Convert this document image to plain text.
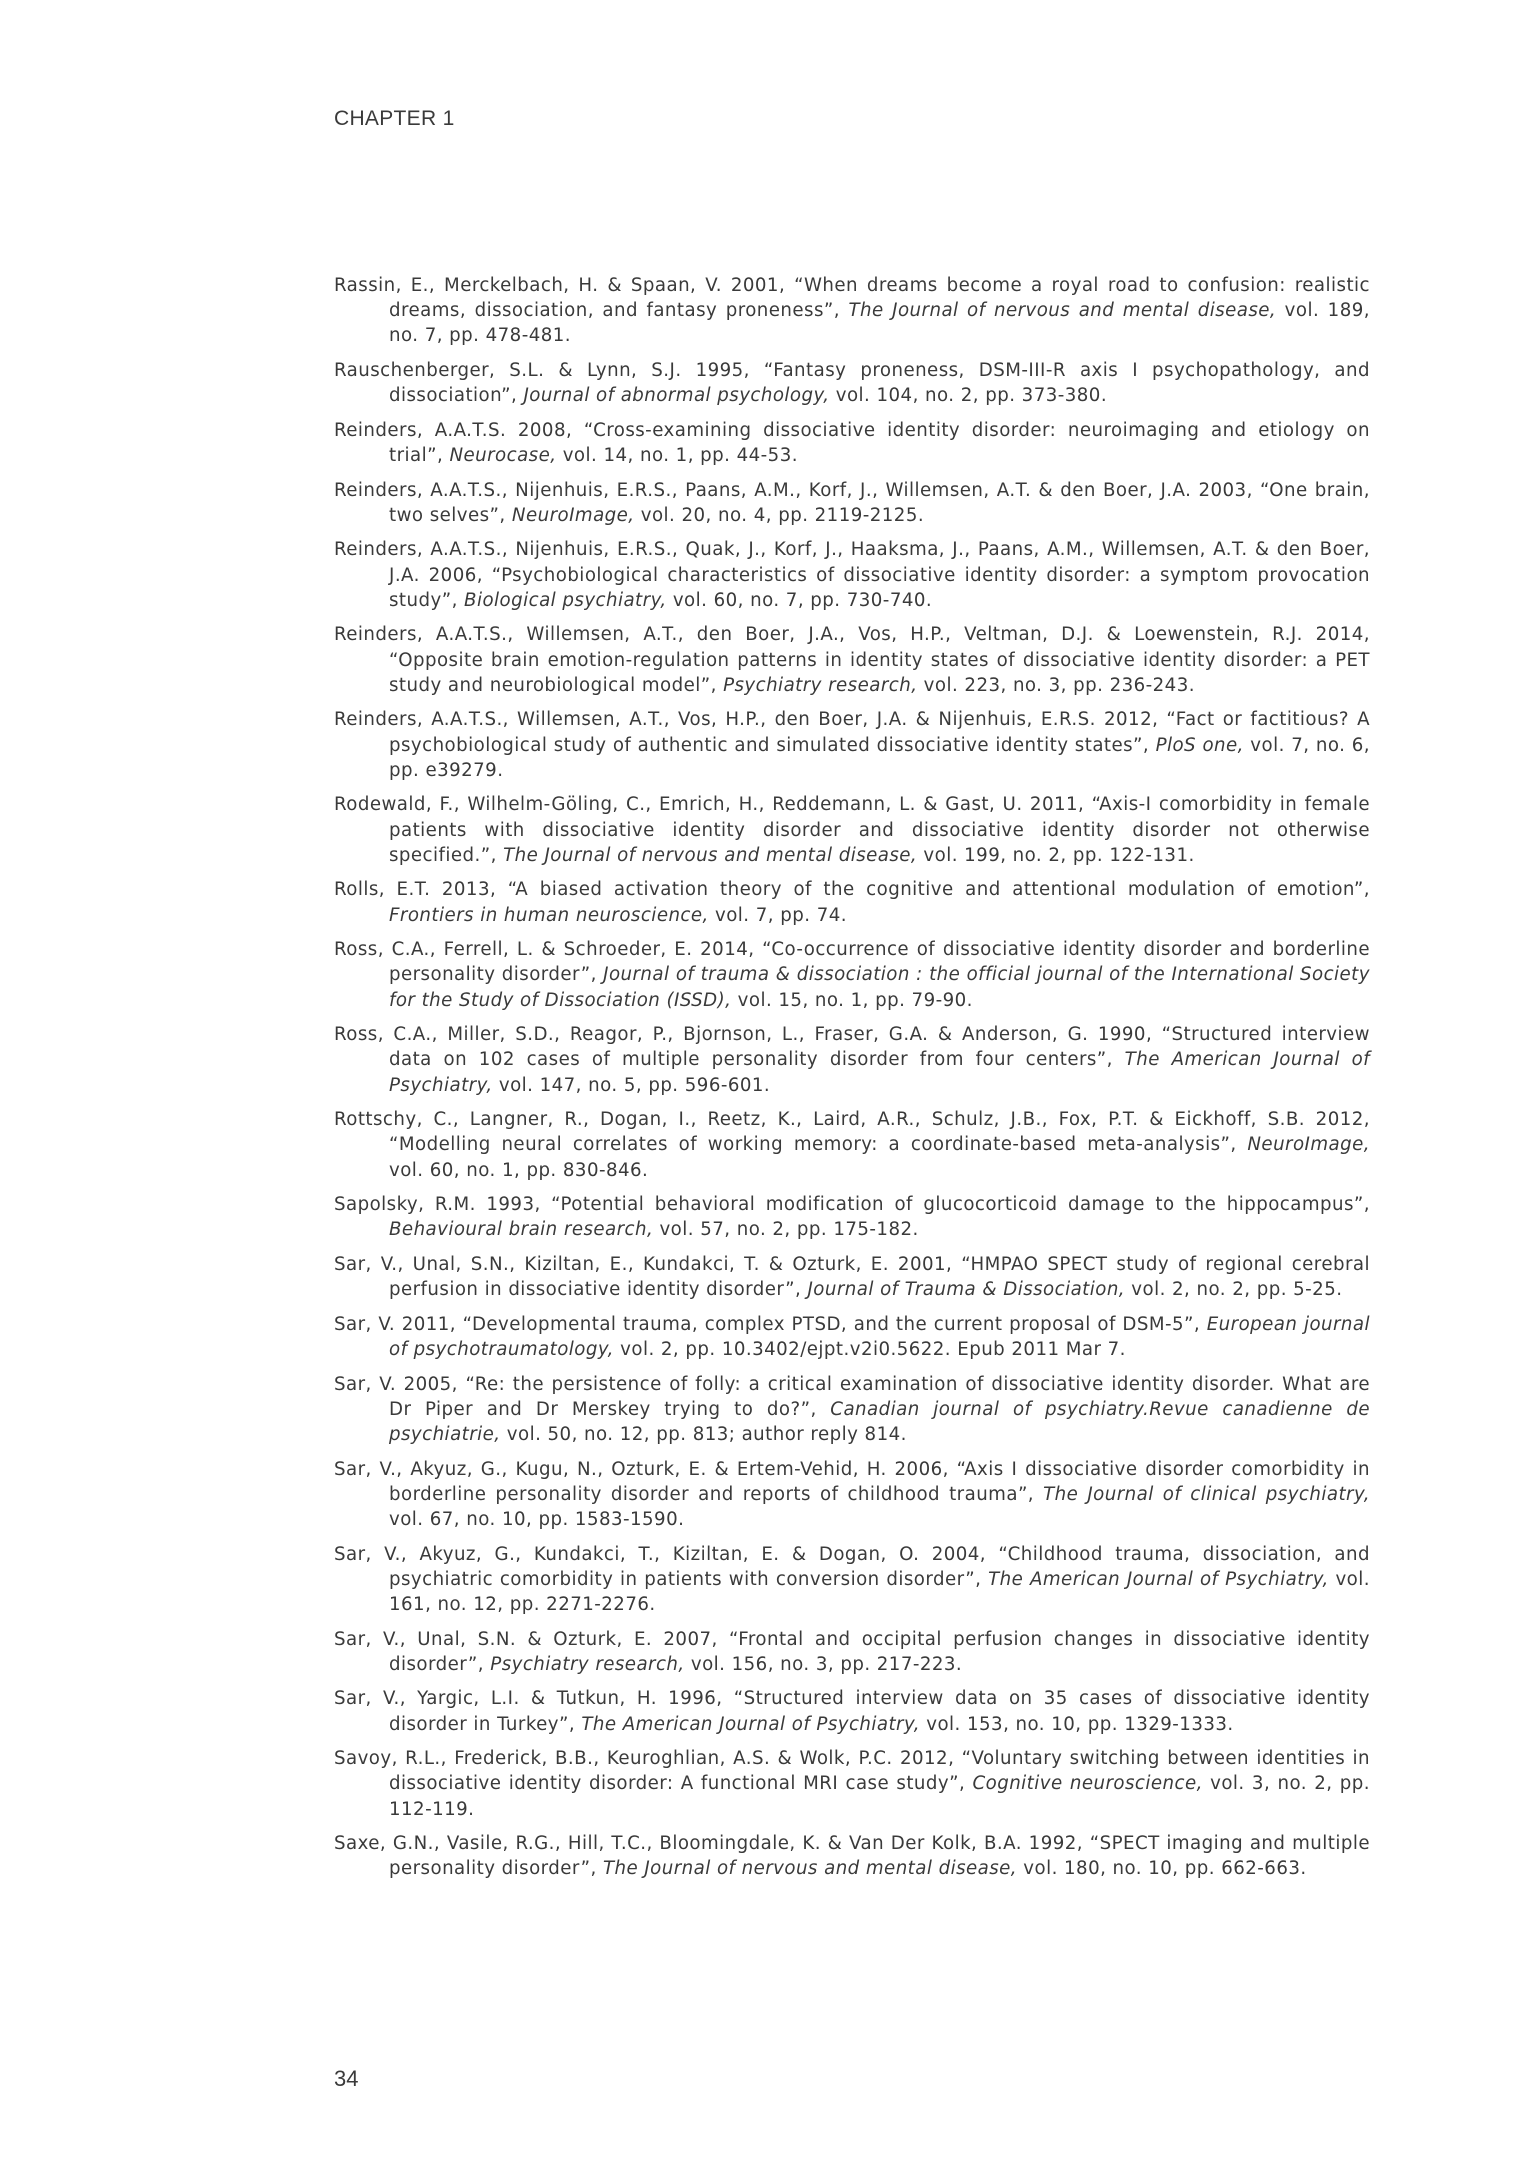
CHAPTER 1

Rassin, E., Merckelbach, H. & Spaan, V. 2001, “When dreams become a royal road to confusion: realistic dreams, dissociation, and fantasy proneness”, The Journal of nervous and mental disease, vol. 189, no. 7, pp. 478-481.

Rauschenberger, S.L. & Lynn, S.J. 1995, “Fantasy proneness, DSM-III-R axis I psychopathology, and dissociation”, Journal of abnormal psychology, vol. 104, no. 2, pp. 373-380.

Reinders, A.A.T.S. 2008, “Cross-examining dissociative identity disorder: neuroimaging and etiology on trial”, Neurocase, vol. 14, no. 1, pp. 44-53.

Reinders, A.A.T.S., Nijenhuis, E.R.S., Paans, A.M., Korf, J., Willemsen, A.T. & den Boer, J.A. 2003, “One brain, two selves”, NeuroImage, vol. 20, no. 4, pp. 2119-2125.

Reinders, A.A.T.S., Nijenhuis, E.R.S., Quak, J., Korf, J., Haaksma, J., Paans, A.M., Willemsen, A.T. & den Boer, J.A. 2006, “Psychobiological characteristics of dissociative identity disorder: a symptom provocation study”, Biological psychiatry, vol. 60, no. 7, pp. 730-740.

Reinders, A.A.T.S., Willemsen, A.T., den Boer, J.A., Vos, H.P., Veltman, D.J. & Loewenstein, R.J. 2014, “Opposite brain emotion-regulation patterns in identity states of dissociative identity disorder: a PET study and neurobiological model”, Psychiatry research, vol. 223, no. 3, pp. 236-243.

Reinders, A.A.T.S., Willemsen, A.T., Vos, H.P., den Boer, J.A. & Nijenhuis, E.R.S. 2012, “Fact or factitious? A psychobiological study of authentic and simulated dissociative identity states”, PloS one, vol. 7, no. 6, pp. e39279.

Rodewald, F., Wilhelm-Göling, C., Emrich, H., Reddemann, L. & Gast, U. 2011, “Axis-I comorbidity in female patients with dissociative identity disorder and dissociative identity disorder not otherwise specified.”, The Journal of nervous and mental disease, vol. 199, no. 2, pp. 122-131.

Rolls, E.T. 2013, “A biased activation theory of the cognitive and attentional modulation of emotion”, Frontiers in human neuroscience, vol. 7, pp. 74.

Ross, C.A., Ferrell, L. & Schroeder, E. 2014, “Co-occurrence of dissociative identity disorder and borderline personality disorder”, Journal of trauma & dissociation : the official journal of the International Society for the Study of Dissociation (ISSD), vol. 15, no. 1, pp. 79-90.

Ross, C.A., Miller, S.D., Reagor, P., Bjornson, L., Fraser, G.A. & Anderson, G. 1990, “Structured interview data on 102 cases of multiple personality disorder from four centers”, The American Journal of Psychiatry, vol. 147, no. 5, pp. 596-601.

Rottschy, C., Langner, R., Dogan, I., Reetz, K., Laird, A.R., Schulz, J.B., Fox, P.T. & Eickhoff, S.B. 2012, “Modelling neural correlates of working memory: a coordinate-based meta-analysis”, NeuroImage, vol. 60, no. 1, pp. 830-846.

Sapolsky, R.M. 1993, “Potential behavioral modification of glucocorticoid damage to the hippocampus”, Behavioural brain research, vol. 57, no. 2, pp. 175-182.

Sar, V., Unal, S.N., Kiziltan, E., Kundakci, T. & Ozturk, E. 2001, “HMPAO SPECT study of regional cerebral perfusion in dissociative identity disorder”, Journal of Trauma & Dissociation, vol. 2, no. 2, pp. 5-25.

Sar, V. 2011, “Developmental trauma, complex PTSD, and the current proposal of DSM-5”, European journal of psychotraumatology, vol. 2, pp. 10.3402/ejpt.v2i0.5622. Epub 2011 Mar 7.

Sar, V. 2005, “Re: the persistence of folly: a critical examination of dissociative identity disorder. What are Dr Piper and Dr Merskey trying to do?”, Canadian journal of psychiatry.Revue canadienne de psychiatrie, vol. 50, no. 12, pp. 813; author reply 814.

Sar, V., Akyuz, G., Kugu, N., Ozturk, E. & Ertem-Vehid, H. 2006, “Axis I dissociative disorder comorbidity in borderline personality disorder and reports of childhood trauma”, The Journal of clinical psychiatry, vol. 67, no. 10, pp. 1583-1590.

Sar, V., Akyuz, G., Kundakci, T., Kiziltan, E. & Dogan, O. 2004, “Childhood trauma, dissociation, and psychiatric comorbidity in patients with conversion disorder”, The American Journal of Psychiatry, vol. 161, no. 12, pp. 2271-2276.

Sar, V., Unal, S.N. & Ozturk, E. 2007, “Frontal and occipital perfusion changes in dissociative identity disorder”, Psychiatry research, vol. 156, no. 3, pp. 217-223.

Sar, V., Yargic, L.I. & Tutkun, H. 1996, “Structured interview data on 35 cases of dissociative identity disorder in Turkey”, The American Journal of Psychiatry, vol. 153, no. 10, pp. 1329-1333.

Savoy, R.L., Frederick, B.B., Keuroghlian, A.S. & Wolk, P.C. 2012, “Voluntary switching between identities in dissociative identity disorder: A functional MRI case study”, Cognitive neuroscience, vol. 3, no. 2, pp. 112-119.

Saxe, G.N., Vasile, R.G., Hill, T.C., Bloomingdale, K. & Van Der Kolk, B.A. 1992, “SPECT imaging and multiple personality disorder”, The Journal of nervous and mental disease, vol. 180, no. 10, pp. 662-663.

34
